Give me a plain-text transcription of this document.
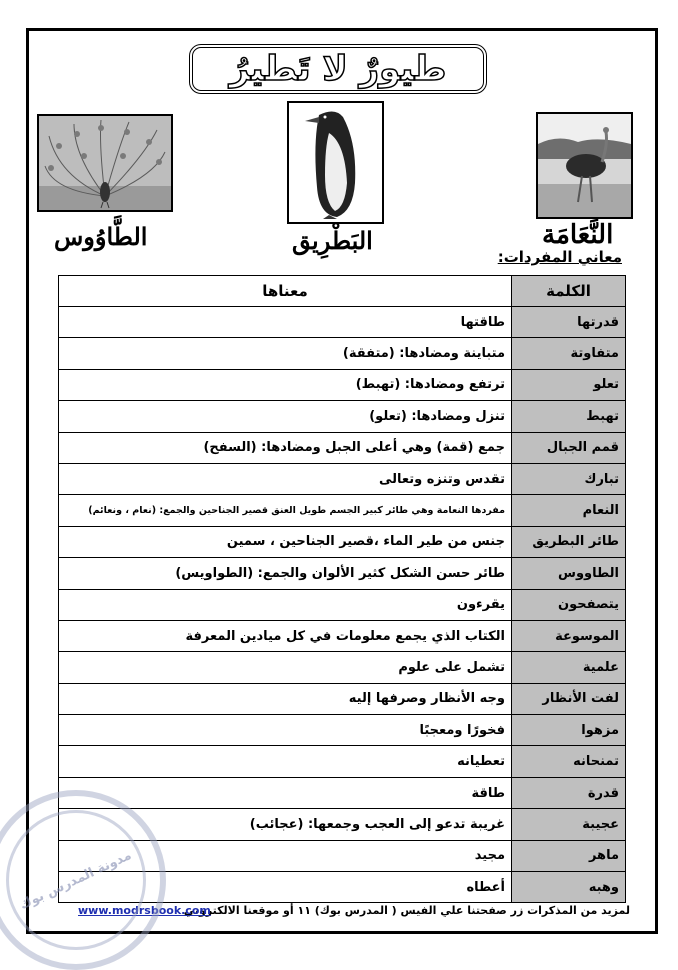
طيورٌ لا تَطيرُ
الطَّاوُوس	البَطْرِيق	النَّعَامَة
معاني المفردات:
الكلمة	معناها
قدرتها	طاقتها
متفاوتة	متباينة ومضادها: (متفقة)
تعلو	ترتفع ومضادها: (تهبط)
تهبط	تنزل ومضادها: (تعلو)
قمم الجبال	جمع (قمة) وهي أعلى الجبل ومضادها: (السفح)
تبارك	تقدس وتنزه وتعالى
النعام	مفردها النعامة وهي طائر كبير الجسم طويل العنق قصير الجناحين والجمع: (نعام ، ونعائم)
طائر البطريق	جنس من طير الماء ،قصير الجناحين ، سمين
الطاووس	طائر حسن الشكل كثير الألوان والجمع: (الطواويس)
يتصفحون	يقرءون
الموسوعة	الكتاب الذي يجمع معلومات في كل ميادين المعرفة
علمية	تشمل على علوم
لفت الأنظار	وجه الأنظار وصرفها إليه
مزهوا	فخورًا ومعجبًا
تمنحانه	تعطيانه
قدرة	طاقة
عجيبة	غريبة تدعو إلى العجب وجمعها: (عجائب)
ماهر	مجيد
وهبه	أعطاه
لمزيد من المذكرات زر صفحتنا علي الفيس ( المدرس بوك) ١١ أو موقعنا الالكتروني
www.modrsbook.com
مدونة المدرس بوك
